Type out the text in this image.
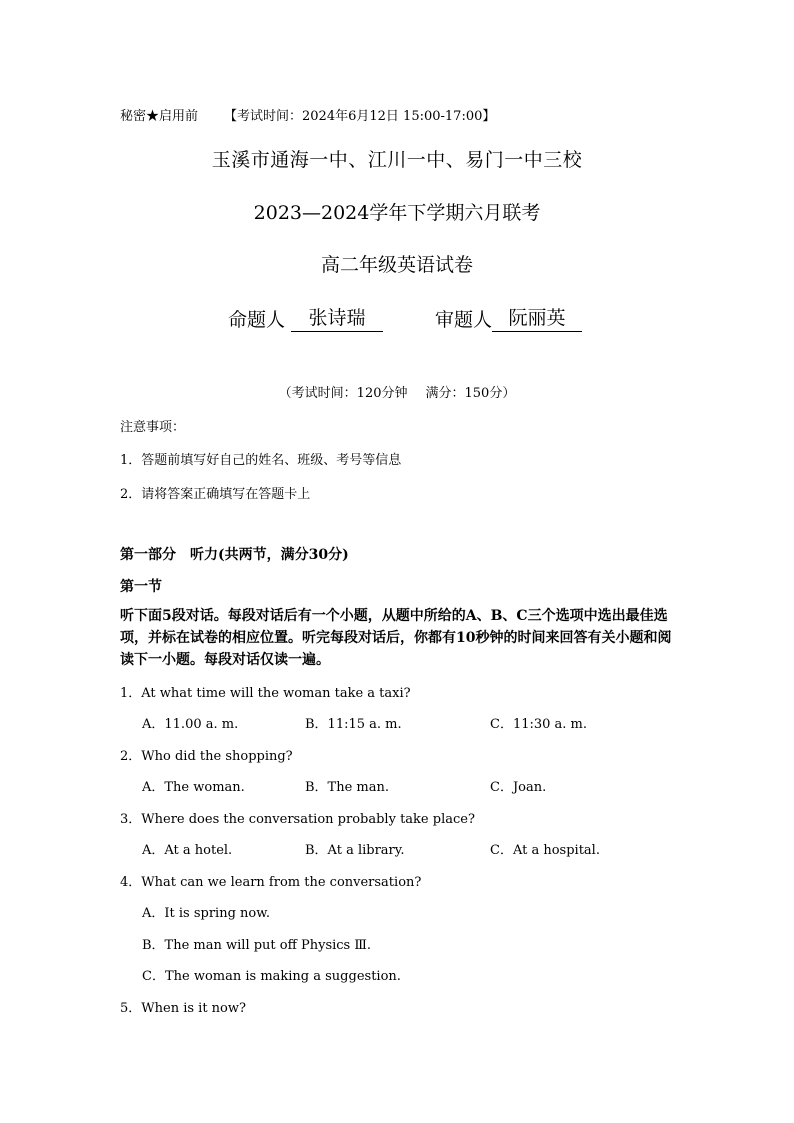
秘密★启用前 【考试时间：2024年6月12日 15:00-17:00】
玉溪市通海一中、江川一中、易门一中三校
2023—2024学年下学期六月联考
高二年级英语试卷
命题人	张诗瑞	审题人 阮丽英
（考试时间：120分钟 满分：150分）
注意事项：
1．答题前填写好自己的姓名、班级、考号等信息
2．请将答案正确填写在答题卡上
第一部分 听力(共两节，满分30分)
第一节
听下面5段对话。每段对话后有一个小题，从题中所给的A、B、C三个选项中选出最佳选项，并标在试卷的相应位置。听完每段对话后，你都有10秒钟的时间来回答有关小题和阅读下一小题。每段对话仅读一遍。
1．At what time will the woman take a taxi?
A．11.00 a. m.	B．11:15 a. m.	C．11:30 a. m.
2．Who did the shopping?
A．The woman.	B．The man.	C．Joan.
3．Where does the conversation probably take place?
A．At a hotel.	B．At a library.	C．At a hospital.
4．What can we learn from the conversation?
A．It is spring now.
B．The man will put off Physics Ⅲ.
C．The woman is making a suggestion.
5．When is it now?
